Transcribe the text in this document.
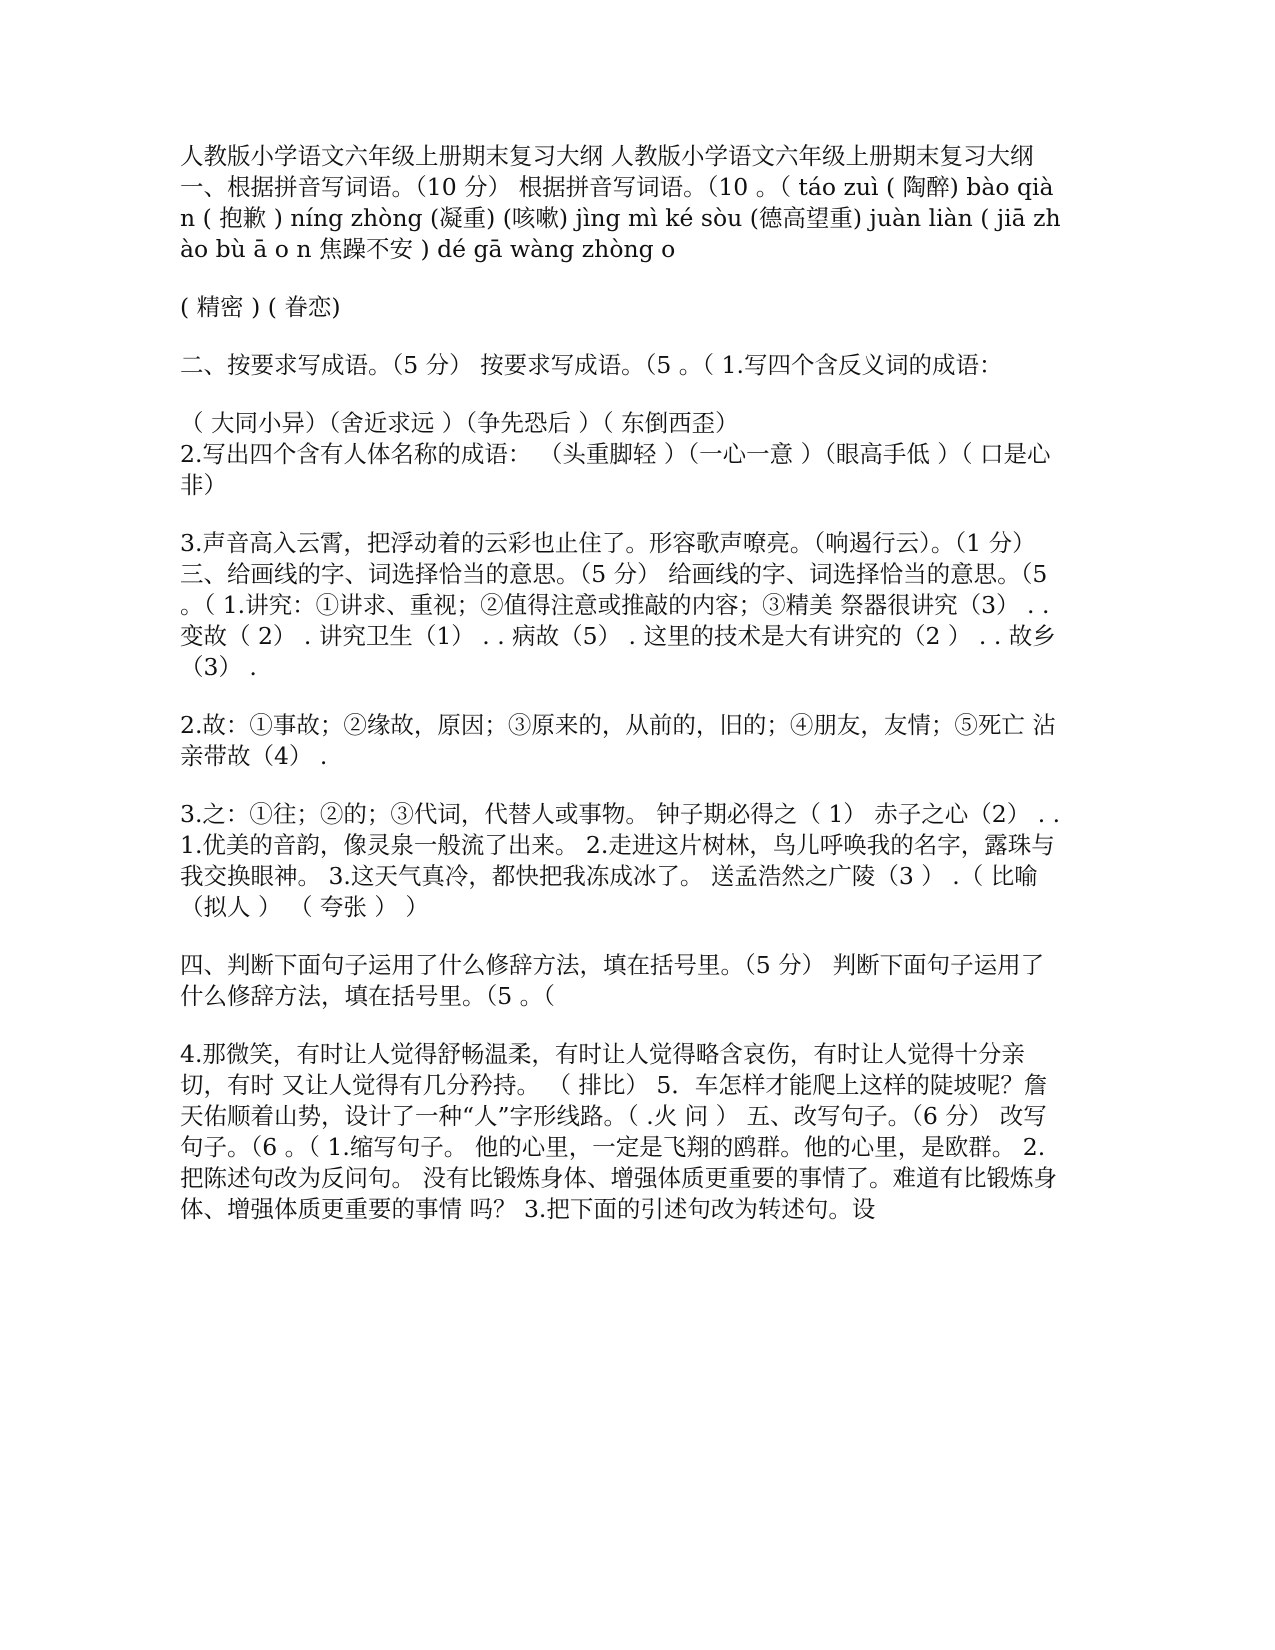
人教版小学语文六年级上册期末复习大纲 人教版小学语文六年级上册期末复习大纲

一、根据拼音写词语。（10 分） 根据拼音写词语。（10 。（ táo zuì ( 陶醉) bào qiàn ( 抱歉 ) níng zhòng (凝重) (咳嗽) jìng mì ké sòu (德高望重) juàn liàn ( jiā zhào bù ā o n 焦躁不安 ) dé gā wàng zhòng o

( 精密 ) ( 眷恋)

二、按要求写成语。（5 分） 按要求写成语。（5 。（ 1.写四个含反义词的成语：

（ 大同小异）（舍近求远 ）（争先恐后 ）（ 东倒西歪）

2.写出四个含有人体名称的成语： （头重脚轻 ）（一心一意 ）（眼高手低 ）（ 口是心非）

3.声音高入云霄，把浮动着的云彩也止住了。形容歌声嘹亮。（响遏行云）。（1 分） 三、给画线的字、词选择恰当的意思。（5 分） 给画线的字、词选择恰当的意思。（5 。（ 1.讲究：①讲求、重视；②值得注意或推敲的内容；③精美 祭器很讲究（3） . . 变故（ 2） . 讲究卫生（1） . . 病故（5） . 这里的技术是大有讲究的（2 ） . . 故乡（3） .

2.故：①事故；②缘故，原因；③原来的，从前的，旧的；④朋友，友情；⑤死亡 沾亲带故（4） .

3.之：①往；②的；③代词，代替人或事物。 钟子期必得之（ 1） 赤子之心（2） . . 1.优美的音韵，像灵泉一般流了出来。 2.走进这片树林，鸟儿呼唤我的名字，露珠与我交换眼神。 3.这天气真冷，都快把我冻成冰了。 送孟浩然之广陵（3 ） .（ 比喻 （拟人 ） （ 夸张 ） ）

四、判断下面句子运用了什么修辞方法，填在括号里。（5 分） 判断下面句子运用了什么修辞方法，填在括号里。（5 。（

4.那微笑，有时让人觉得舒畅温柔，有时让人觉得略含哀伤，有时让人觉得十分亲切，有时 又让人觉得有几分矜持。 （ 排比） 5．车怎样才能爬上这样的陡坡呢？詹天佑顺着山势，设计了一种“人”字形线路。（ .火 问 ） 五、改写句子。（6 分） 改写句子。（6 。（ 1.缩写句子。 他的心里，一定是飞翔的鸥群。他的心里，是欧群。 2.把陈述句改为反问句。 没有比锻炼身体、增强体质更重要的事情了。难道有比锻炼身体、增强体质更重要的事情 吗？ 3.把下面的引述句改为转述句。设
